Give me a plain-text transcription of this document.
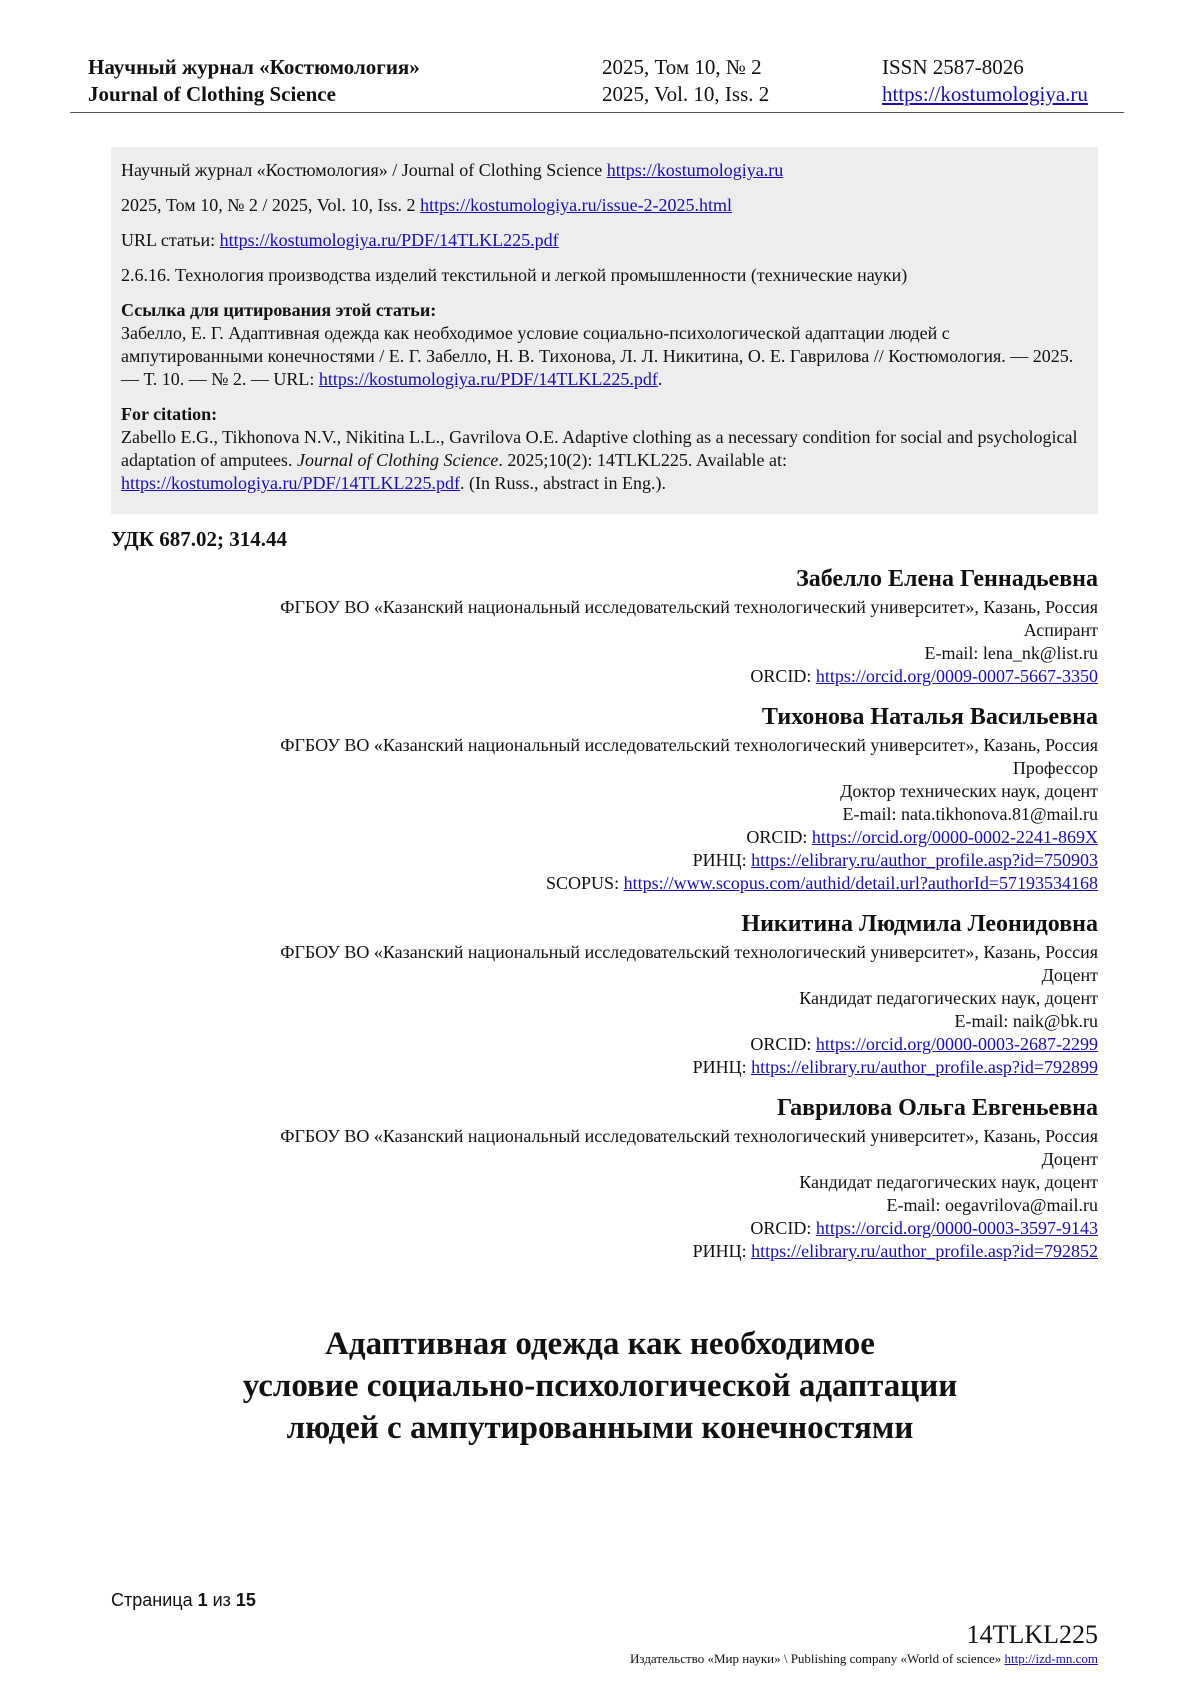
Научный журнал «Костюмология»
Journal of Clothing Science
2025, Том 10, № 2
2025, Vol. 10, Iss. 2
ISSN 2587-8026
https://kostumologiya.ru

Научный журнал «Костюмология» / Journal of Clothing Science https://kostumologiya.ru

2025, Том 10, № 2 / 2025, Vol. 10, Iss. 2 https://kostumologiya.ru/issue-2-2025.html

URL статьи: https://kostumologiya.ru/PDF/14TLKL225.pdf

2.6.16. Технология производства изделий текстильной и легкой промышленности (технические науки)

Ссылка для цитирования этой статьи:
Забелло, Е. Г. Адаптивная одежда как необходимое условие социально-психологической адаптации людей с ампутированными конечностями / Е. Г. Забелло, Н. В. Тихонова, Л. Л. Никитина, О. Е. Гаврилова // Костюмология. — 2025. — Т. 10. — № 2. — URL: https://kostumologiya.ru/PDF/14TLKL225.pdf.
For citation:
Zabello E.G., Tikhonova N.V., Nikitina L.L., Gavrilova O.E. Adaptive clothing as a necessary condition for social and psychological adaptation of amputees. Journal of Clothing Science. 2025;10(2): 14TLKL225. Available at: https://kostumologiya.ru/PDF/14TLKL225.pdf. (In Russ., abstract in Eng.).
УДК 687.02; 314.44
Забелло Елена Геннадьевна
ФГБОУ ВО «Казанский национальный исследовательский технологический университет», Казань, Россия
Аспирант
E-mail: lena_nk@list.ru
ORCID: https://orcid.org/0009-0007-5667-3350
Тихонова Наталья Васильевна
ФГБОУ ВО «Казанский национальный исследовательский технологический университет», Казань, Россия
Профессор
Доктор технических наук, доцент
E-mail: nata.tikhonova.81@mail.ru
ORCID: https://orcid.org/0000-0002-2241-869X
РИНЦ: https://elibrary.ru/author_profile.asp?id=750903
SCOPUS: https://www.scopus.com/authid/detail.url?authorId=57193534168
Никитина Людмила Леонидовна
ФГБОУ ВО «Казанский национальный исследовательский технологический университет», Казань, Россия
Доцент
Кандидат педагогических наук, доцент
E-mail: naik@bk.ru
ORCID: https://orcid.org/0000-0003-2687-2299
РИНЦ: https://elibrary.ru/author_profile.asp?id=792899
Гаврилова Ольга Евгеньевна
ФГБОУ ВО «Казанский национальный исследовательский технологический университет», Казань, Россия
Доцент
Кандидат педагогических наук, доцент
E-mail: oegavrilova@mail.ru
ORCID: https://orcid.org/0000-0003-3597-9143
РИНЦ: https://elibrary.ru/author_profile.asp?id=792852
Адаптивная одежда как необходимое
условие социально-психологической адаптации
людей с ампутированными конечностями
Страница 1 из 15
14TLKL225
Издательство «Мир науки» \ Publishing company «World of science» http://izd-mn.com
